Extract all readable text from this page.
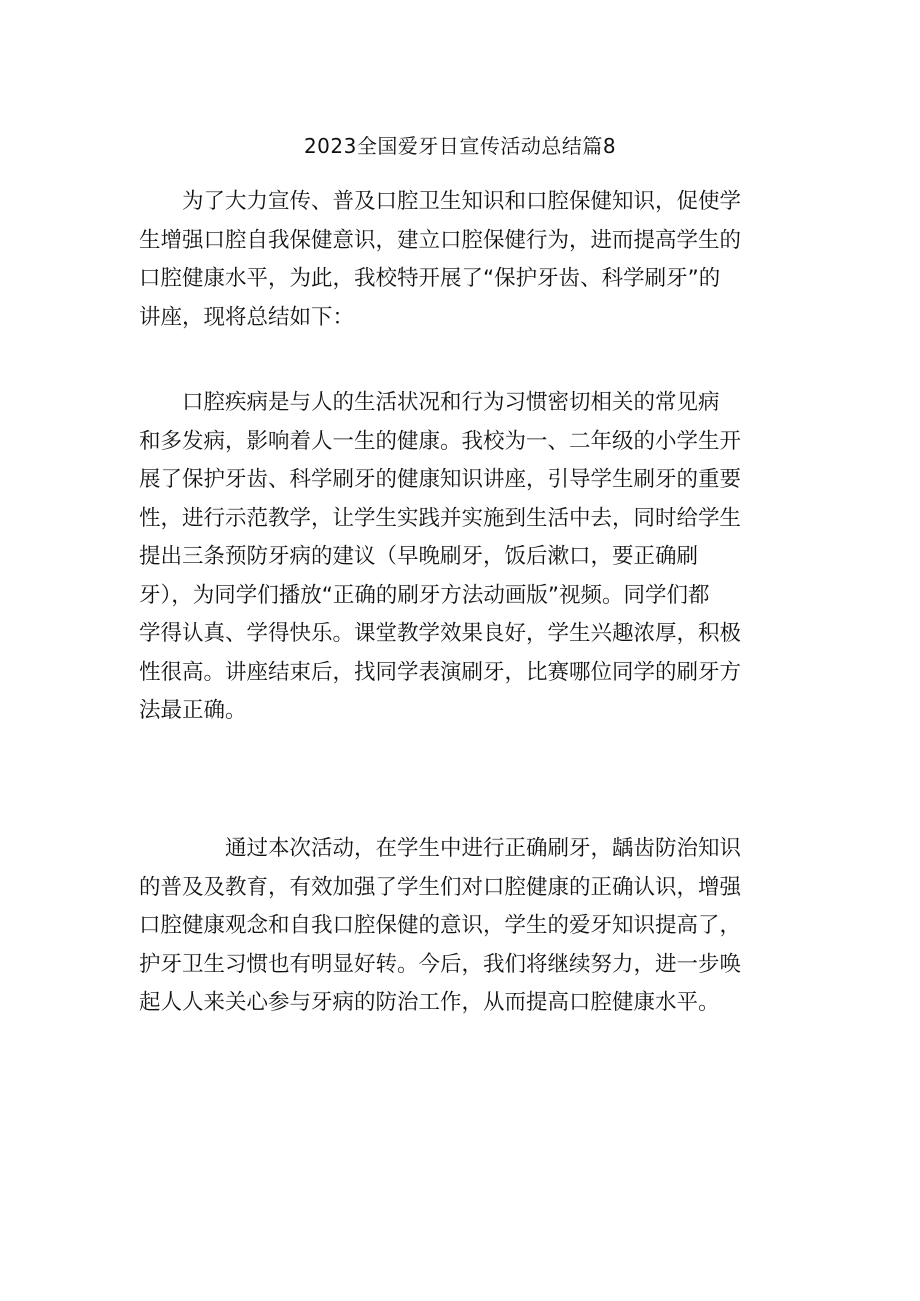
2023全国爱牙日宣传活动总结篇8
　　为了大力宣传、普及口腔卫生知识和口腔保健知识，促使学
生增强口腔自我保健意识，建立口腔保健行为，进而提高学生的
口腔健康水平，为此，我校特开展了“保护牙齿、科学刷牙”的
讲座，现将总结如下：
　　口腔疾病是与人的生活状况和行为习惯密切相关的常见病
和多发病，影响着人一生的健康。我校为一、二年级的小学生开
展了保护牙齿、科学刷牙的健康知识讲座，引导学生刷牙的重要
性，进行示范教学，让学生实践并实施到生活中去，同时给学生
提出三条预防牙病的建议（早晚刷牙，饭后漱口，要正确刷
牙），为同学们播放“正确的刷牙方法动画版”视频。同学们都
学得认真、学得快乐。课堂教学效果良好，学生兴趣浓厚，积极
性很高。讲座结束后，找同学表演刷牙，比赛哪位同学的刷牙方
法最正确。
　　　　通过本次活动，在学生中进行正确刷牙，龋齿防治知识
的普及及教育，有效加强了学生们对口腔健康的正确认识，增强
口腔健康观念和自我口腔保健的意识，学生的爱牙知识提高了，
护牙卫生习惯也有明显好转。今后，我们将继续努力，进一步唤
起人人来关心参与牙病的防治工作，从而提高口腔健康水平。
